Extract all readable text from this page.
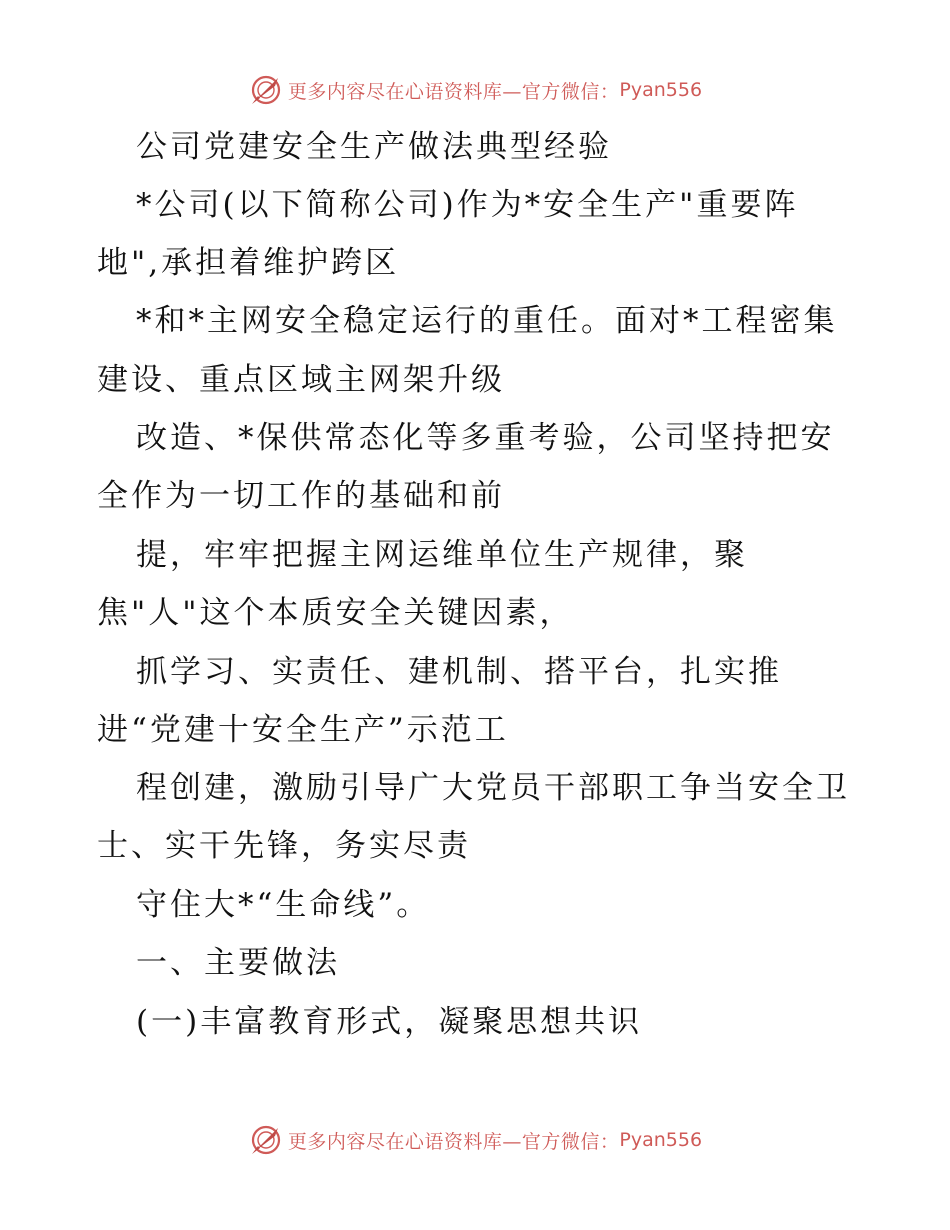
更多内容尽在心语资料库—官方微信： Pyan556
公司党建安全生产做法典型经验
*公司(以下简称公司)作为*安全生产"重要阵
地",承担着维护跨区
*和*主网安全稳定运行的重任。面对*工程密集
建设、重点区域主网架升级
改造、*保供常态化等多重考验，公司坚持把安
全作为一切工作的基础和前
提，牢牢把握主网运维单位生产规律，聚
焦"人"这个本质安全关键因素，
抓学习、实责任、建机制、搭平台，扎实推
进“党建十安全生产”示范工
程创建，激励引导广大党员干部职工争当安全卫
士、实干先锋，务实尽责
守住大*“生命线”。
一、主要做法
(一)丰富教育形式，凝聚思想共识
更多内容尽在心语资料库—官方微信： Pyan556
